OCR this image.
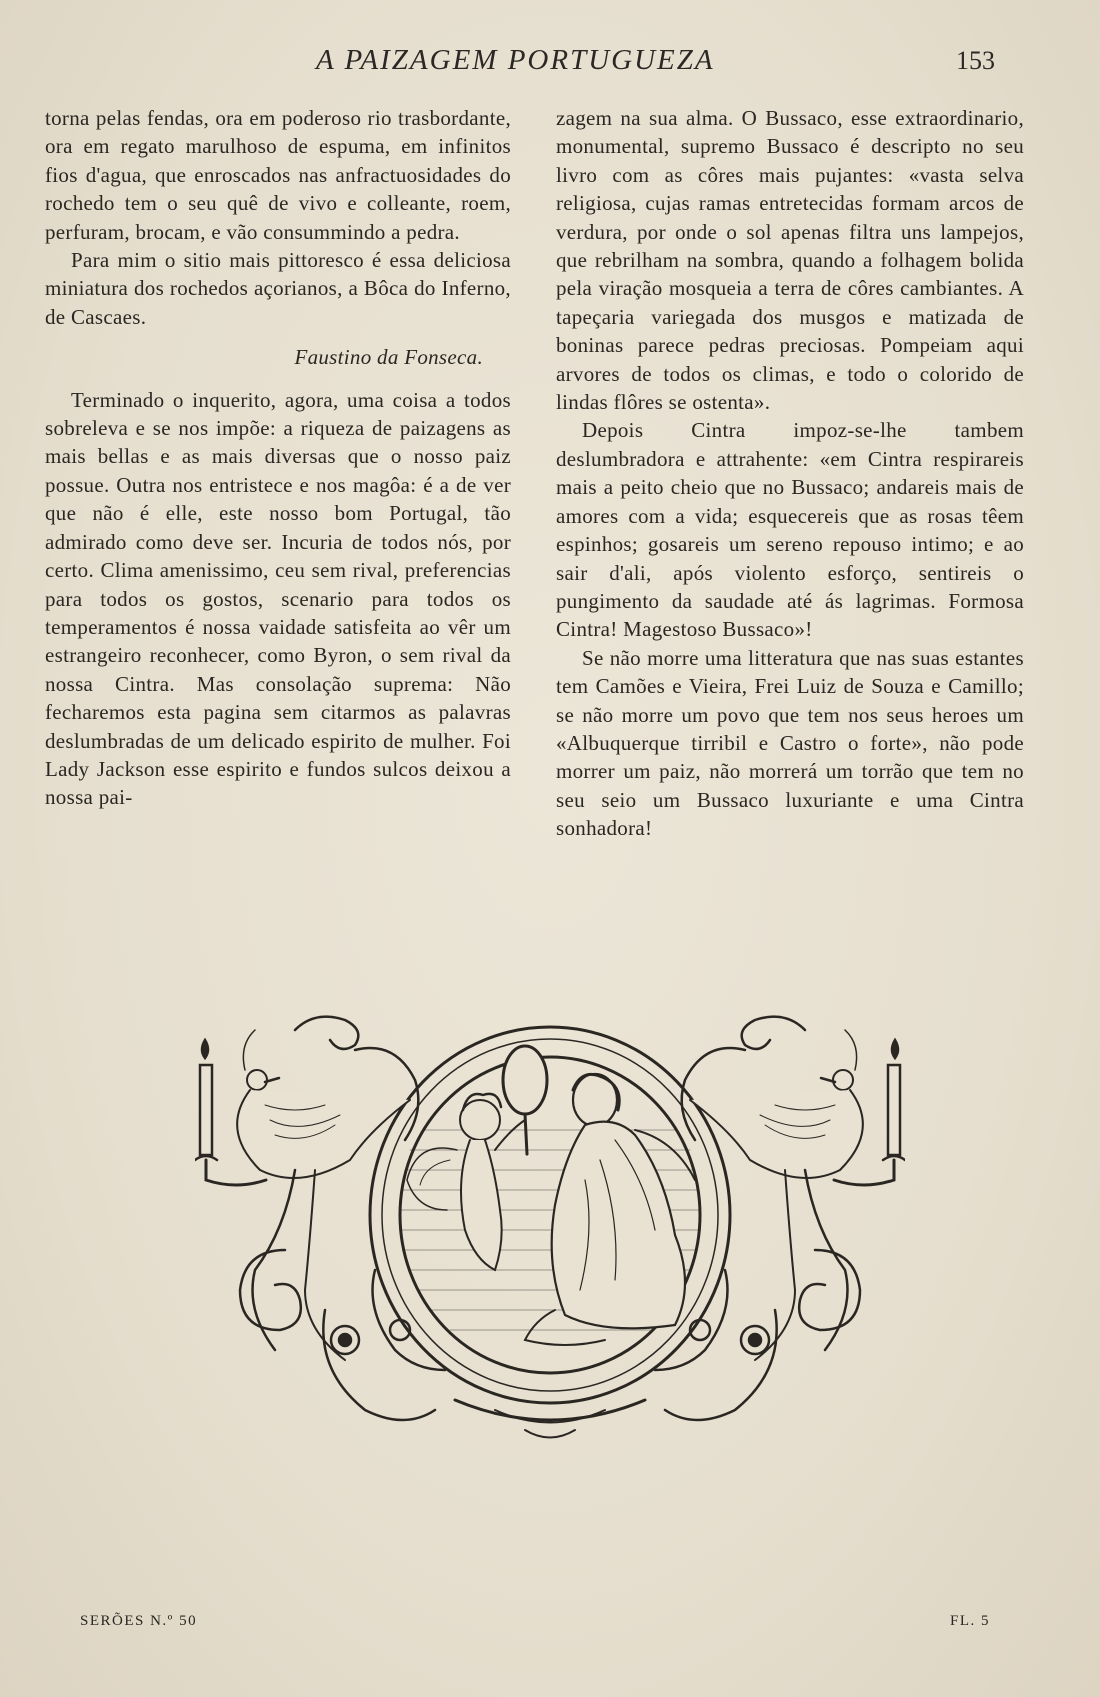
A PAIZAGEM PORTUGUEZA	153

torna pelas fendas, ora em poderoso rio trasbordante, ora em regato marulhoso de espuma, em infinitos fios d'agua, que enroscados nas anfractuosidades do rochedo tem o seu quê de vivo e colleante, roem, perfuram, brocam, e vão consummindo a pedra.

Para mim o sitio mais pittoresco é essa deliciosa miniatura dos rochedos açorianos, a Bôca do Inferno, de Cascaes.

Faustino da Fonseca.

Terminado o inquerito, agora, uma coisa a todos sobreleva e se nos impõe: a riqueza de paizagens as mais bellas e as mais diversas que o nosso paiz possue. Outra nos entristece e nos magôa: é a de ver que não é elle, este nosso bom Portugal, tão admirado como deve ser. Incuria de todos nós, por certo. Clima amenissimo, ceu sem rival, preferencias para todos os gostos, scenario para todos os temperamentos é nossa vaidade satisfeita ao vêr um estrangeiro reconhecer, como Byron, o sem rival da nossa Cintra. Mas consolação suprema: Não fecharemos esta pagina sem citarmos as palavras deslumbradas de um delicado espirito de mulher. Foi Lady Jackson esse espirito e fundos sulcos deixou a nossa pai-

zagem na sua alma. O Bussaco, esse extraordinario, monumental, supremo Bussaco é descripto no seu livro com as côres mais pujantes: «vasta selva religiosa, cujas ramas entretecidas formam arcos de verdura, por onde o sol apenas filtra uns lampejos, que rebrilham na sombra, quando a folhagem bolida pela viração mosqueia a terra de côres cambiantes. A tapeçaria variegada dos musgos e matizada de boninas parece pedras preciosas. Pompeiam aqui arvores de todos os climas, e todo o colorido de lindas flôres se ostenta».

Depois Cintra impoz-se-lhe tambem deslumbradora e attrahente: «em Cintra respirareis mais a peito cheio que no Bussaco; andareis mais de amores com a vida; esquecereis que as rosas têem espinhos; gosareis um sereno repouso intimo; e ao sair d'ali, após violento esforço, sentireis o pungimento da saudade até ás lagrimas. Formosa Cintra! Magestoso Bussaco»!

Se não morre uma litteratura que nas suas estantes tem Camões e Vieira, Frei Luiz de Souza e Camillo; se não morre um povo que tem nos seus heroes um «Albuquerque tirribil e Castro o forte», não pode morrer um paiz, não morrerá um torrão que tem no seu seio um Bussaco luxuriante e uma Cintra sonhadora!

SERÕES N.º 50	FL. 5
